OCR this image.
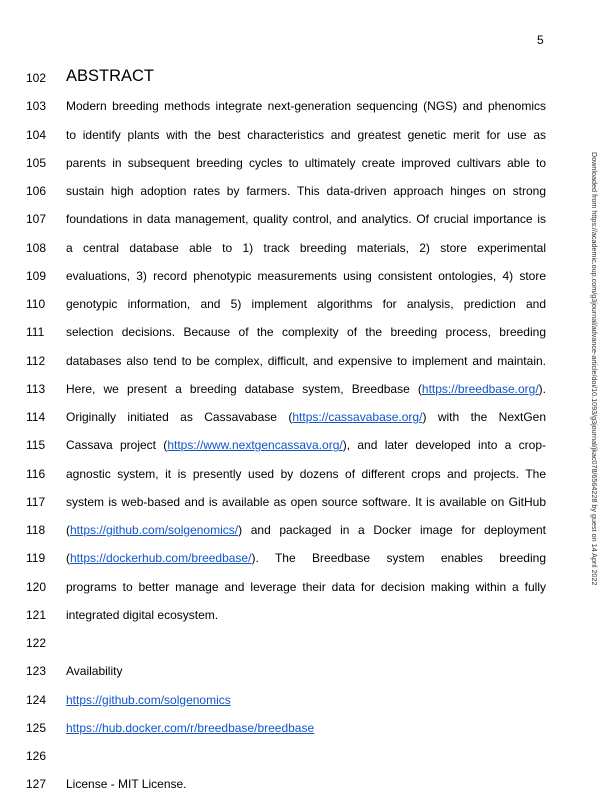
5
102 ABSTRACT
103	Modern breeding methods integrate next-generation sequencing (NGS) and phenomics
104	to identify plants with the best characteristics and greatest genetic merit for use as
105	parents in subsequent breeding cycles to ultimately create improved cultivars able to
106	sustain high adoption rates by farmers. This data-driven approach hinges on strong
107	foundations in data management, quality control, and analytics. Of crucial importance is
108	a central database able to 1) track breeding materials, 2) store experimental
109	evaluations, 3) record phenotypic measurements using consistent ontologies, 4) store
110	genotypic information, and 5) implement algorithms for analysis, prediction and
111	selection decisions. Because of the complexity of the breeding process, breeding
112	databases also tend to be complex, difficult, and expensive to implement and maintain.
113	Here, we present a breeding database system, Breedbase (https://breedbase.org/).
114	Originally initiated as Cassavabase (https://cassavabase.org/) with the NextGen
115	Cassava project (https://www.nextgencassava.org/), and later developed into a crop-
116	agnostic system, it is presently used by dozens of different crops and projects. The
117	system is web-based and is available as open source software. It is available on GitHub
118	(https://github.com/solgenomics/) and packaged in a Docker image for deployment
119	(https://dockerhub.com/breedbase/). The Breedbase system enables breeding
120	programs to better manage and leverage their data for decision making within a fully
121	integrated digital ecosystem.
122
123	Availability
124	https://github.com/solgenomics
125	https://hub.docker.com/r/breedbase/breedbase
126
127	License - MIT License.
Downloaded from https://academic.oup.com/g3journal/advance-article/doi/10.1093/g3journal/jkac078/6564228 by guest on 14 April 2022
